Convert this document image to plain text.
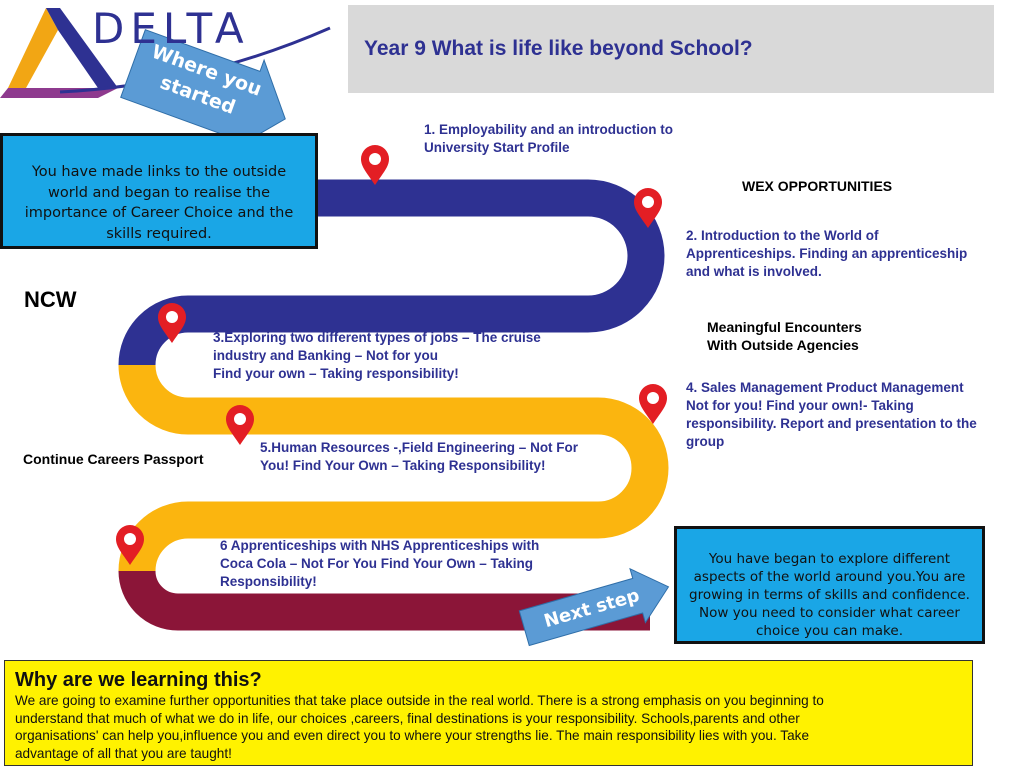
DELTA
Where you started
Next step
Year 9 What is life like beyond School?
1. Employability and an introduction to
University Start Profile
2. Introduction to the World of
Apprenticeships. Finding an apprenticeship
and what is involved.
3.Exploring two different types of jobs – The cruise
industry and Banking – Not for you
Find your own – Taking responsibility!
4. Sales Management Product Management
Not for you! Find your own!- Taking
responsibility. Report and presentation to the
group
5.Human Resources -,Field Engineering – Not For
You! Find Your Own – Taking Responsibility!
6 Apprenticeships with NHS Apprenticeships with
Coca Cola – Not For You Find Your Own – Taking
Responsibility!
WEX OPPORTUNITIES
NCW
Meaningful Encounters
With Outside Agencies
Continue Careers Passport
You have made links to the outside
world and began to realise the
importance of Career Choice and the
skills required.
You have began to explore different
aspects of the world around you.You are
growing in terms of skills and confidence.
Now you need to consider what career
choice you can make.
Why are we learning this?
We are going to examine further opportunities that take place outside in the real world. There is a strong emphasis on you beginning to
understand that much of what we do in life, our choices ,careers, final destinations is your responsibility. Schools,parents and other
organisations' can help you,influence you and even direct you to where your strengths lie. The main responsibility lies with you. Take
advantage of all that you are taught!
